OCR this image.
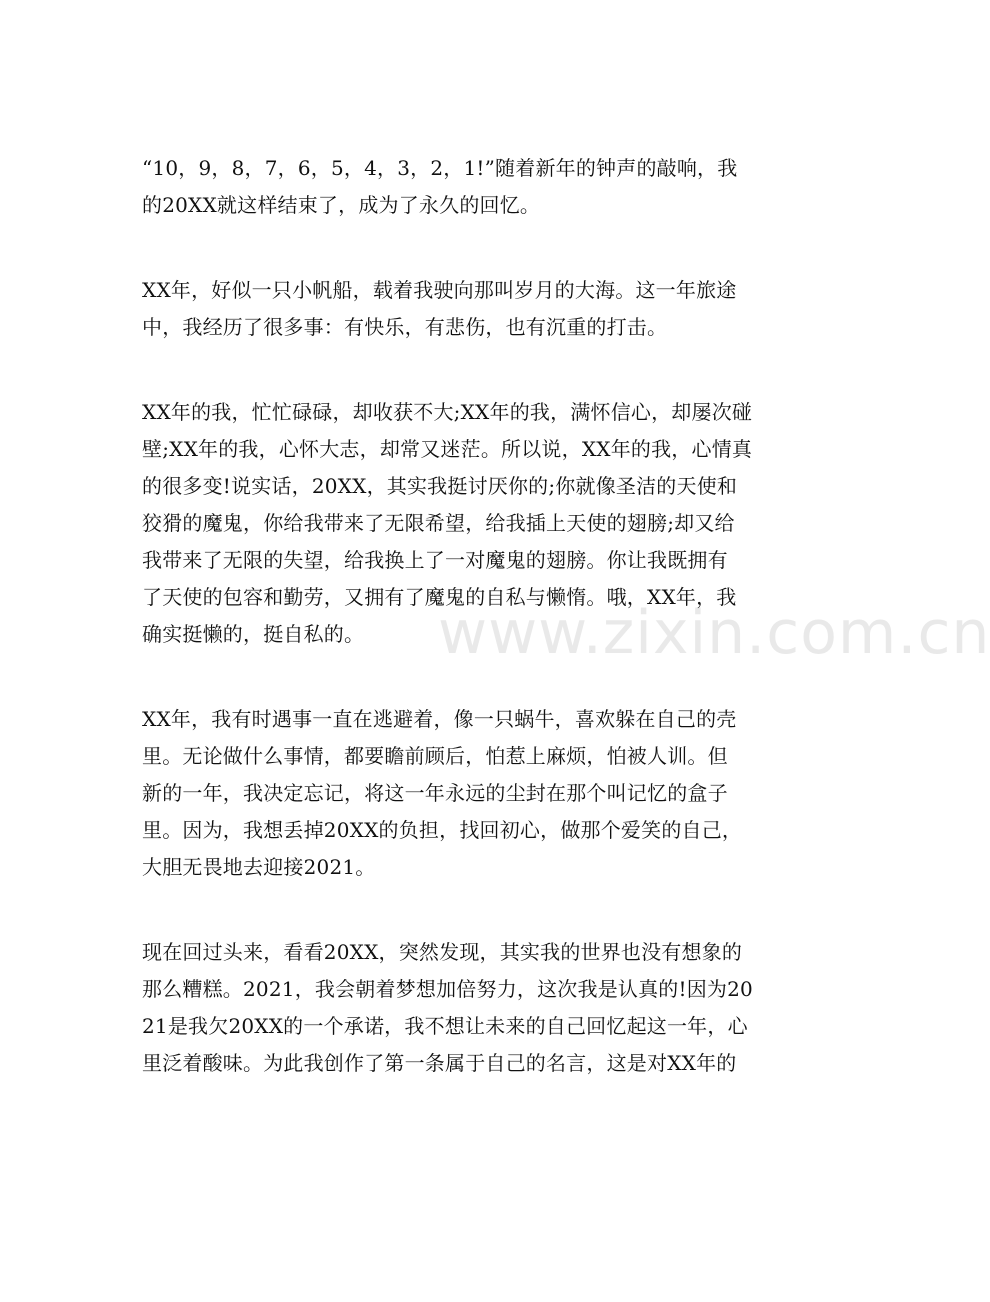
www.zixin.com.cn

“10，9，8，7，6，5，4，3，2，1!”随着新年的钟声的敲响，我
的20XX就这样结束了，成为了永久的回忆。

XX年，好似一只小帆船，载着我驶向那叫岁月的大海。这一年旅途
中，我经历了很多事：有快乐，有悲伤，也有沉重的打击。

XX年的我，忙忙碌碌，却收获不大;XX年的我，满怀信心，却屡次碰
壁;XX年的我，心怀大志，却常又迷茫。所以说，XX年的我，心情真
的很多变!说实话，20XX，其实我挺讨厌你的;你就像圣洁的天使和
狡猾的魔鬼，你给我带来了无限希望，给我插上天使的翅膀;却又给
我带来了无限的失望，给我换上了一对魔鬼的翅膀。你让我既拥有
了天使的包容和勤劳，又拥有了魔鬼的自私与懒惰。哦，XX年，我
确实挺懒的，挺自私的。

XX年，我有时遇事一直在逃避着，像一只蜗牛，喜欢躲在自己的壳
里。无论做什么事情，都要瞻前顾后，怕惹上麻烦，怕被人训。但
新的一年，我决定忘记，将这一年永远的尘封在那个叫记忆的盒子
里。因为，我想丢掉20XX的负担，找回初心，做那个爱笑的自己，
大胆无畏地去迎接2021。

现在回过头来，看看20XX，突然发现，其实我的世界也没有想象的
那么糟糕。2021，我会朝着梦想加倍努力，这次我是认真的!因为20
21是我欠20XX的一个承诺，我不想让未来的自己回忆起这一年，心
里泛着酸味。为此我创作了第一条属于自己的名言，这是对XX年的
